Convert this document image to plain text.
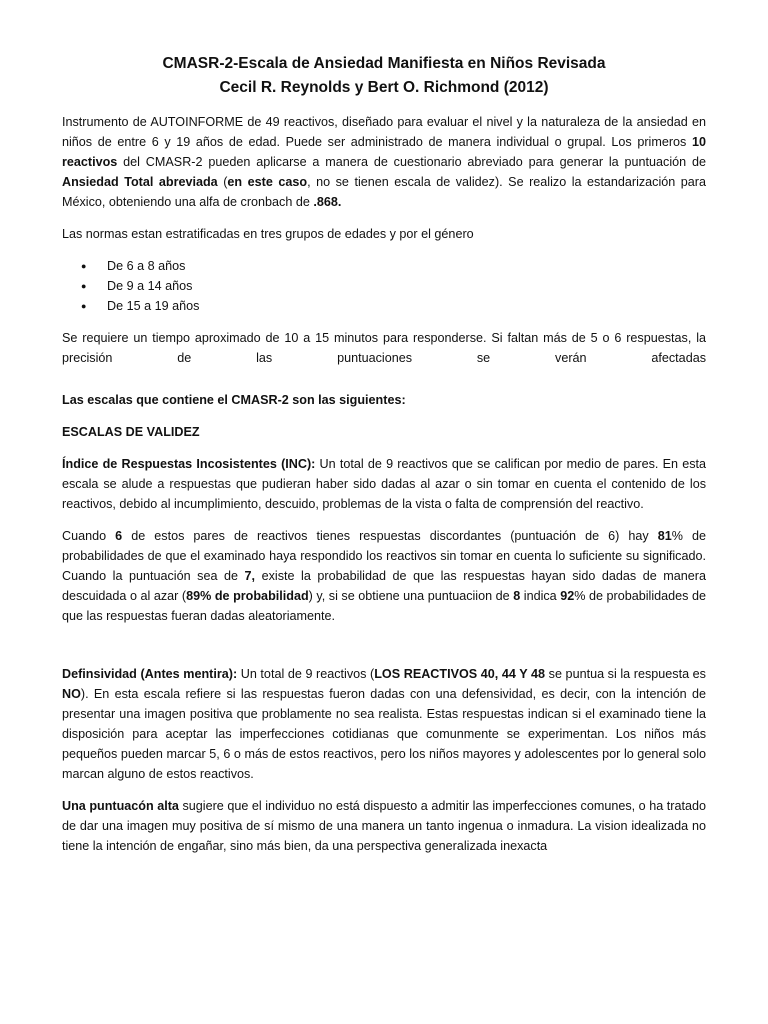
CMASR-2-Escala de Ansiedad Manifiesta en Niños Revisada
Cecil R. Reynolds y Bert O. Richmond (2012)

Instrumento de AUTOINFORME de 49 reactivos, diseñado para evaluar el nivel y la naturaleza de la ansiedad en niños de entre 6 y 19 años de edad. Puede ser administrado de manera individual o grupal. Los primeros 10 reactivos del CMASR-2 pueden aplicarse a manera de cuestionario abreviado para generar la puntuación de Ansiedad Total abreviada (en este caso, no se tienen escala de validez). Se realizo la estandarización para México, obteniendo una alfa de cronbach de .868.

Las normas estan estratificadas en tres grupos de edades y por el género

● De 6 a 8 años
● De 9 a 14 años
● De 15 a 19 años

Se requiere un tiempo aproximado de 10 a 15 minutos para responderse. Si faltan más de 5 o 6 respuestas, la precisión de las puntuaciones se verán afectadas

Las escalas que contiene el CMASR-2 son las siguientes:

ESCALAS DE VALIDEZ

Índice de Respuestas Incosistentes (INC): Un total de 9 reactivos que se califican por medio de pares. En esta escala se alude a respuestas que pudieran haber sido dadas al azar o sin tomar en cuenta el contenido de los reactivos, debido al incumplimiento, descuido, problemas de la vista o falta de comprensión del reactivo.

Cuando 6 de estos pares de reactivos tienes respuestas discordantes (puntuación de 6) hay 81% de probabilidades de que el examinado haya respondido los reactivos sin tomar en cuenta lo suficiente su significado. Cuando la puntuación sea de 7, existe la probabilidad de que las respuestas hayan sido dadas de manera descuidada o al azar (89% de probabilidad) y, si se obtiene una puntuaciion de 8 indica 92% de probabilidades de que las respuestas fueran dadas aleatoriamente.

Definsividad (Antes mentira): Un total de 9 reactivos (LOS REACTIVOS 40, 44 Y 48 se puntua si la respuesta es NO). En esta escala refiere si las respuestas fueron dadas con una defensividad, es decir, con la intención de presentar una imagen positiva que problamente no sea realista. Estas respuestas indican si el examinado tiene la disposición para aceptar las imperfecciones cotidianas que comunmente se experimentan. Los niños más pequeños pueden marcar 5, 6 o más de estos reactivos, pero los niños mayores y adolescentes por lo general solo marcan alguno de estos reactivos.

Una puntuacón alta sugiere que el individuo no está dispuesto a admitir las imperfecciones comunes, o ha tratado de dar una imagen muy positiva de sí mismo de una manera un tanto ingenua o inmadura. La vision idealizada no tiene la intención de engañar, sino más bien, da una perspectiva generalizada inexacta
